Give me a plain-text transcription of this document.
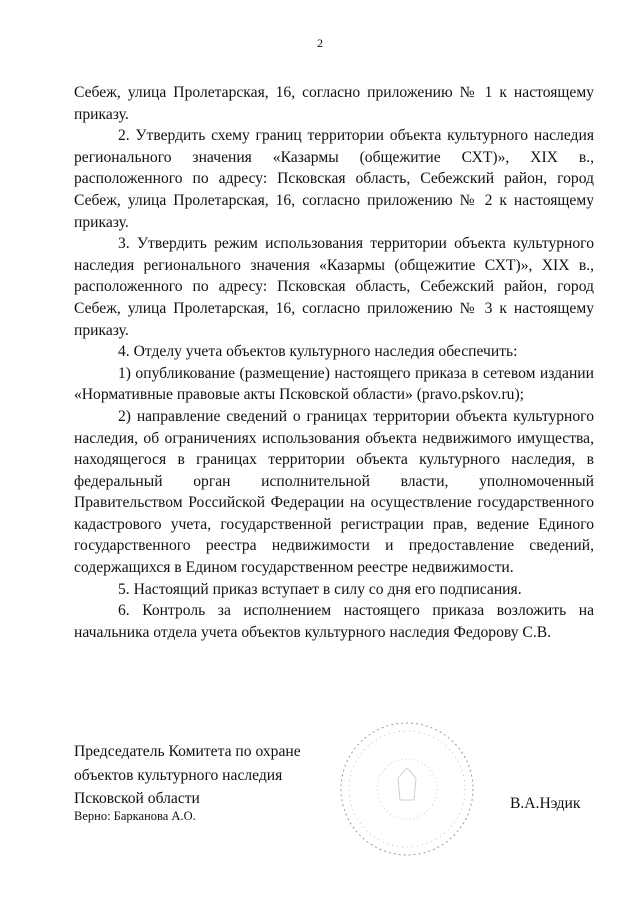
2

Себеж, улица Пролетарская, 16, согласно приложению № 1 к настоящему приказу.

2. Утвердить схему границ территории объекта культурного наследия регионального значения «Казармы (общежитие СХТ)», XIX в., расположенного по адресу: Псковская область, Себежский район, город Себеж, улица Пролетарская, 16, согласно приложению № 2 к настоящему приказу.

3. Утвердить режим использования территории объекта культурного наследия регионального значения «Казармы (общежитие СХТ)», XIX в., расположенного по адресу: Псковская область, Себежский район, город Себеж, улица Пролетарская, 16, согласно приложению № 3 к настоящему приказу.

4. Отделу учета объектов культурного наследия обеспечить:

1) опубликование (размещение) настоящего приказа в сетевом издании «Нормативные правовые акты Псковской области» (pravo.pskov.ru);

2) направление сведений о границах территории объекта культурного наследия, об ограничениях использования объекта недвижимого имущества, находящегося в границах территории объекта культурного наследия, в федеральный орган исполнительной власти, уполномоченный Правительством Российской Федерации на осуществление государственного кадастрового учета, государственной регистрации прав, ведение Единого государственного реестра недвижимости и предоставление сведений, содержащихся в Едином государственном реестре недвижимости.

5. Настоящий приказ вступает в силу со дня его подписания.

6. Контроль за исполнением настоящего приказа возложить на начальника отдела учета объектов культурного наследия Федорову С.В.

Председатель Комитета по охране
объектов культурного наследия
Псковской области	В.А.Нэдик
Верно: Барканова А.О.
